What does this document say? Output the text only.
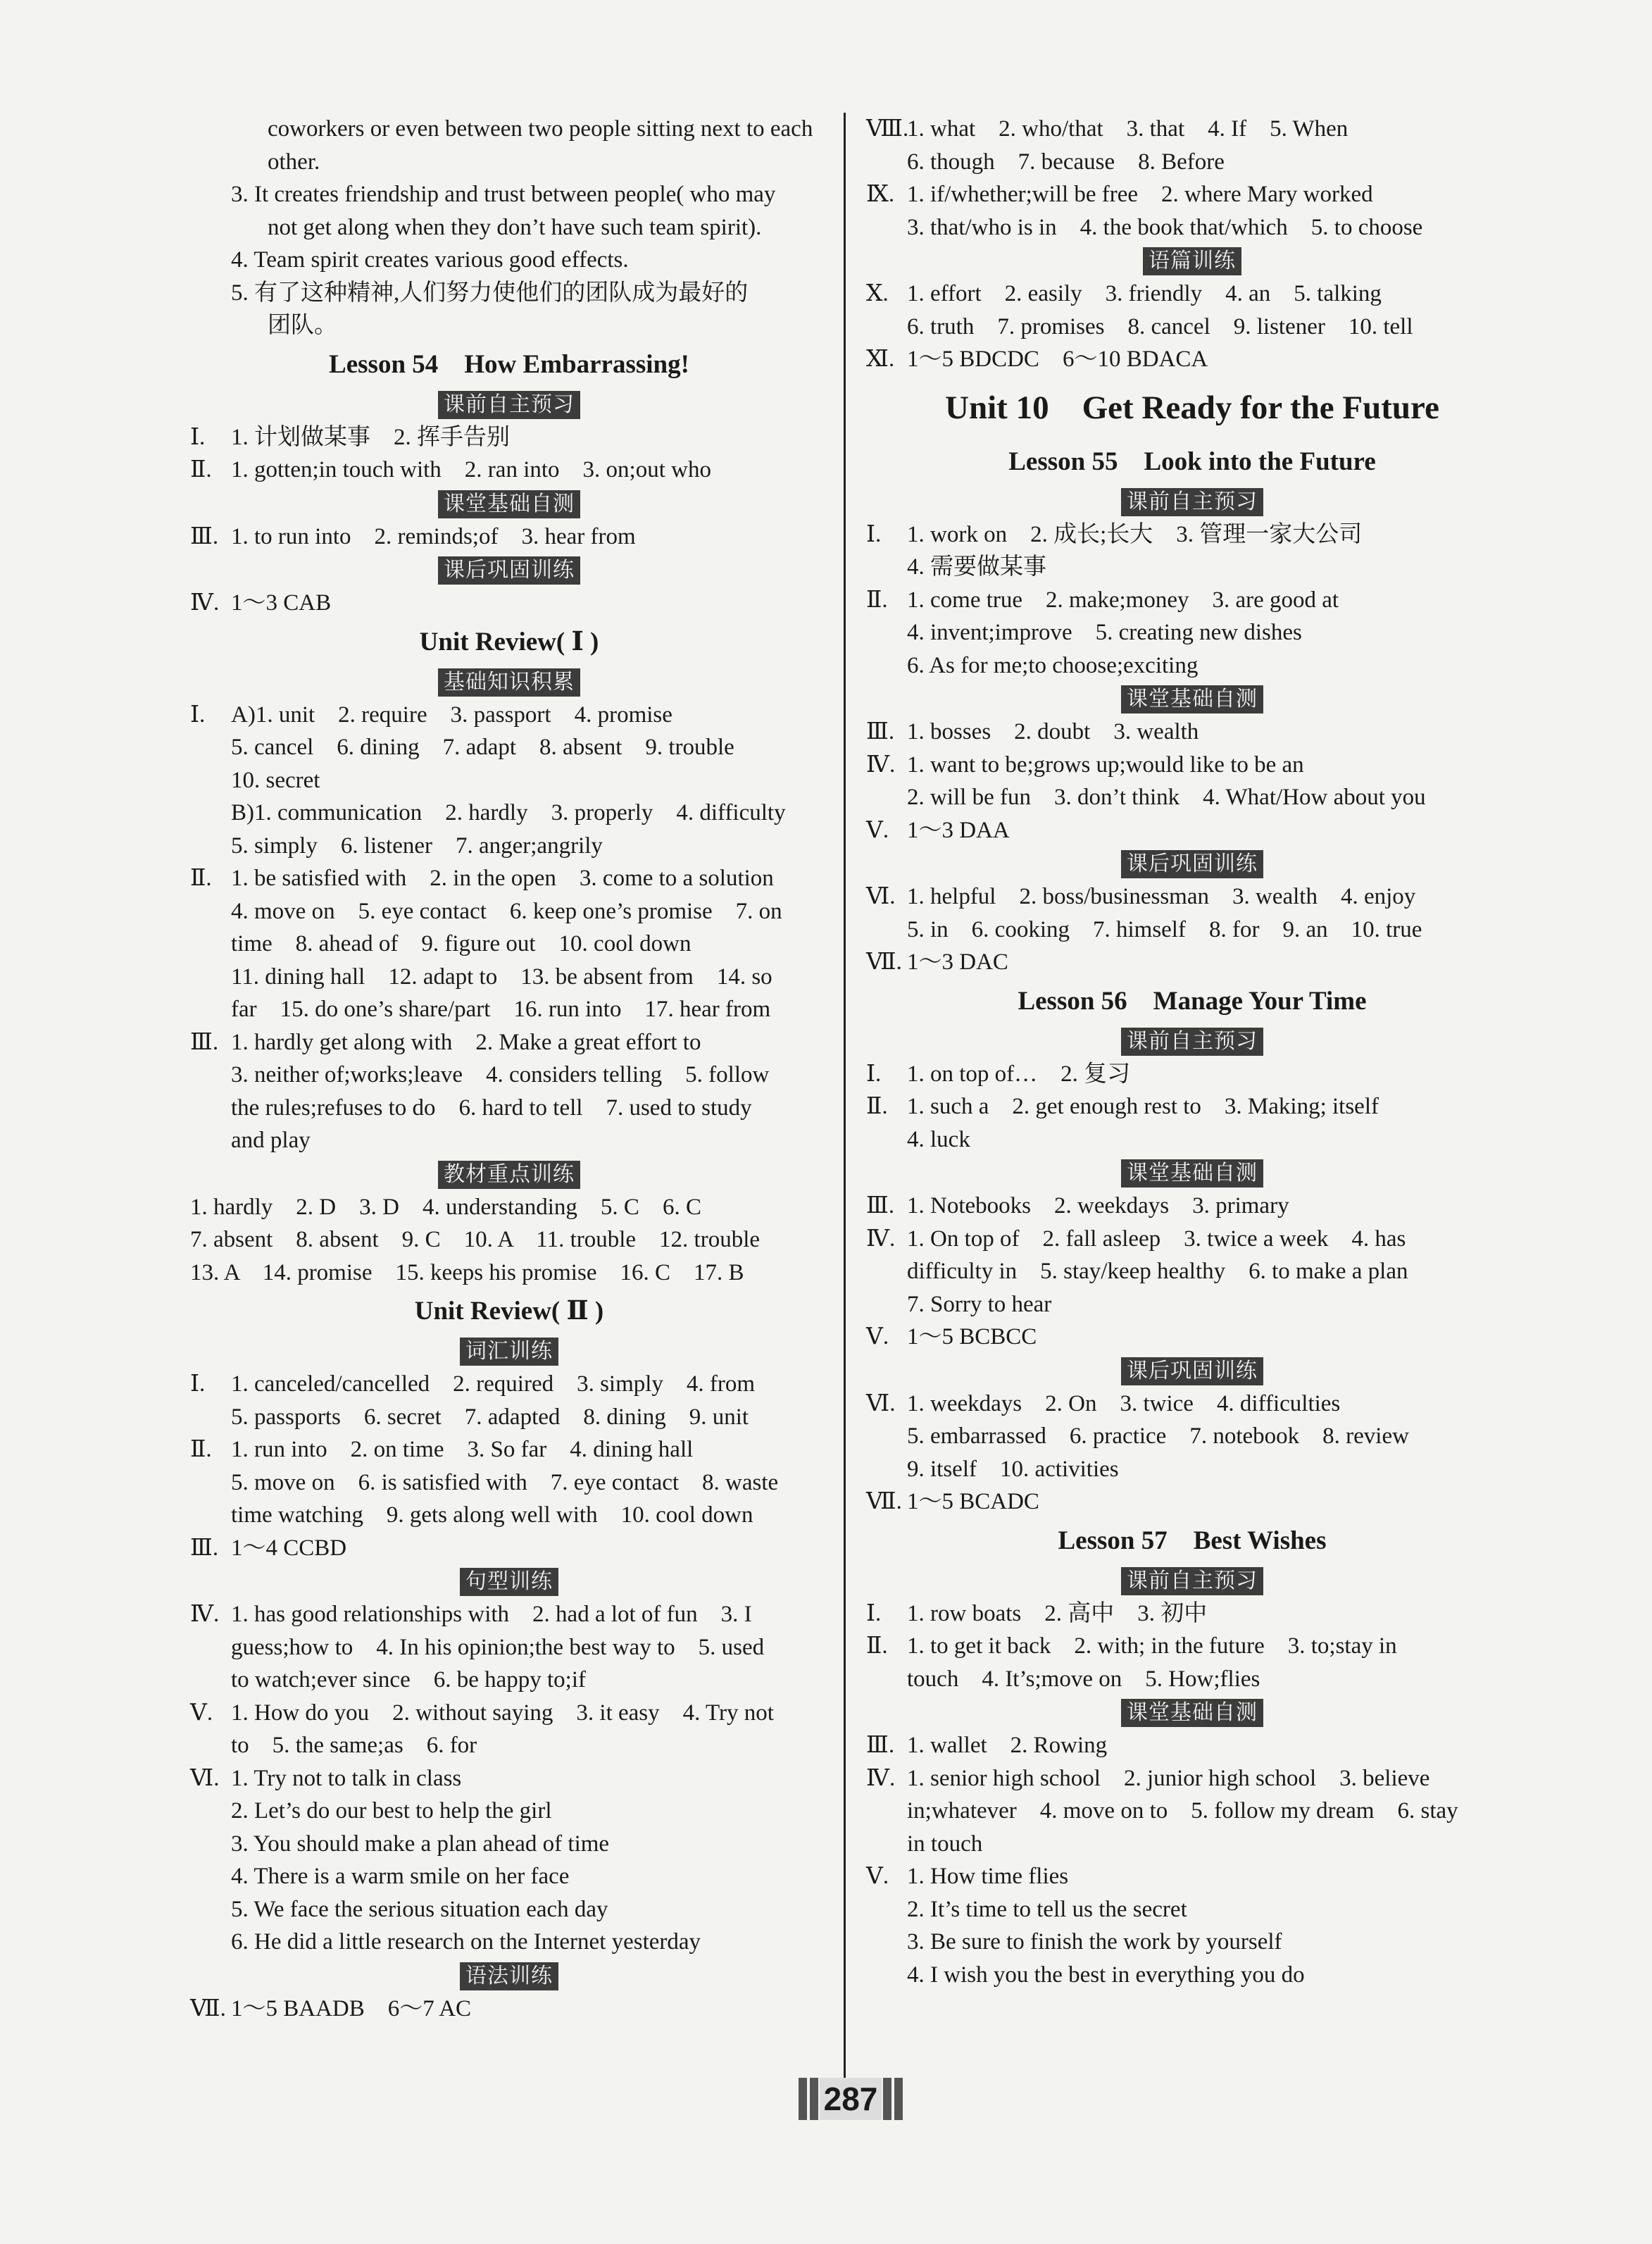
coworkers or even between two people sitting next to each
other.
3. It creates friendship and trust between people( who may
not get along when they don’t have such team spirit).
4. Team spirit creates various good effects.
5. 有了这种精神,人们努力使他们的团队成为最好的
团队。
Lesson 54　How Embarrassing!
课前自主预习
Ⅰ. 1. 计划做某事　2. 挥手告别
Ⅱ. 1. gotten;in touch with　2. ran into　3. on;out who
课堂基础自测
Ⅲ. 1. to run into　2. reminds;of　3. hear from
课后巩固训练
Ⅳ. 1～3 CAB
Unit Review( Ⅰ )
基础知识积累
Ⅰ. A)1. unit　2. require　3. passport　4. promise
5. cancel　6. dining　7. adapt　8. absent　9. trouble
10. secret
B)1. communication　2. hardly　3. properly　4. difficulty
5. simply　6. listener　7. anger;angrily
Ⅱ. 1. be satisfied with　2. in the open　3. come to a solution
4. move on　5. eye contact　6. keep one’s promise　7. on
time　8. ahead of　9. figure out　10. cool down
11. dining hall　12. adapt to　13. be absent from　14. so
far　15. do one’s share/part　16. run into　17. hear from
Ⅲ. 1. hardly get along with　2. Make a great effort to
3. neither of;works;leave　4. considers telling　5. follow
the rules;refuses to do　6. hard to tell　7. used to study
and play
教材重点训练
1. hardly　2. D　3. D　4. understanding　5. C　6. C
7. absent　8. absent　9. C　10. A　11. trouble　12. trouble
13. A　14. promise　15. keeps his promise　16. C　17. B
Unit Review( Ⅱ )
词汇训练
Ⅰ. 1. canceled/cancelled　2. required　3. simply　4. from
5. passports　6. secret　7. adapted　8. dining　9. unit
Ⅱ. 1. run into　2. on time　3. So far　4. dining hall
5. move on　6. is satisfied with　7. eye contact　8. waste
time watching　9. gets along well with　10. cool down
Ⅲ. 1～4 CCBD
句型训练
Ⅳ. 1. has good relationships with　2. had a lot of fun　3. I
guess;how to　4. In his opinion;the best way to　5. used
to watch;ever since　6. be happy to;if
Ⅴ. 1. How do you　2. without saying　3. it easy　4. Try not
to　5. the same;as　6. for
Ⅵ. 1. Try not to talk in class
2. Let’s do our best to help the girl
3. You should make a plan ahead of time
4. There is a warm smile on her face
5. We face the serious situation each day
6. He did a little research on the Internet yesterday
语法训练
Ⅶ. 1～5 BAADB　6～7 AC
Ⅷ.1. what　2. who/that　3. that　4. If　5. When
6. though　7. because　8. Before
Ⅸ. 1. if/whether;will be free　2. where Mary worked
3. that/who is in　4. the book that/which　5. to choose
语篇训练
Ⅹ. 1. effort　2. easily　3. friendly　4. an　5. talking
6. truth　7. promises　8. cancel　9. listener　10. tell
Ⅺ. 1～5 BDCDC　6～10 BDACA
Unit 10　Get Ready for the Future
Lesson 55　Look into the Future
课前自主预习
Ⅰ. 1. work on　2. 成长;长大　3. 管理一家大公司
4. 需要做某事
Ⅱ. 1. come true　2. make;money　3. are good at
4. invent;improve　5. creating new dishes
6. As for me;to choose;exciting
课堂基础自测
Ⅲ. 1. bosses　2. doubt　3. wealth
Ⅳ. 1. want to be;grows up;would like to be an
2. will be fun　3. don’t think　4. What/How about you
Ⅴ. 1～3 DAA
课后巩固训练
Ⅵ. 1. helpful　2. boss/businessman　3. wealth　4. enjoy
5. in　6. cooking　7. himself　8. for　9. an　10. true
Ⅶ. 1～3 DAC
Lesson 56　Manage Your Time
课前自主预习
Ⅰ. 1. on top of…　2. 复习
Ⅱ. 1. such a　2. get enough rest to　3. Making; itself
4. luck
课堂基础自测
Ⅲ. 1. Notebooks　2. weekdays　3. primary
Ⅳ. 1. On top of　2. fall asleep　3. twice a week　4. has
difficulty in　5. stay/keep healthy　6. to make a plan
7. Sorry to hear
Ⅴ. 1～5 BCBCC
课后巩固训练
Ⅵ. 1. weekdays　2. On　3. twice　4. difficulties
5. embarrassed　6. practice　7. notebook　8. review
9. itself　10. activities
Ⅶ. 1～5 BCADC
Lesson 57　Best Wishes
课前自主预习
Ⅰ. 1. row boats　2. 高中　3. 初中
Ⅱ. 1. to get it back　2. with; in the future　3. to;stay in
touch　4. It’s;move on　5. How;flies
课堂基础自测
Ⅲ. 1. wallet　2. Rowing
Ⅳ. 1. senior high school　2. junior high school　3. believe
in;whatever　4. move on to　5. follow my dream　6. stay
in touch
Ⅴ. 1. How time flies
2. It’s time to tell us the secret
3. Be sure to finish the work by yourself
4. I wish you the best in everything you do
287
